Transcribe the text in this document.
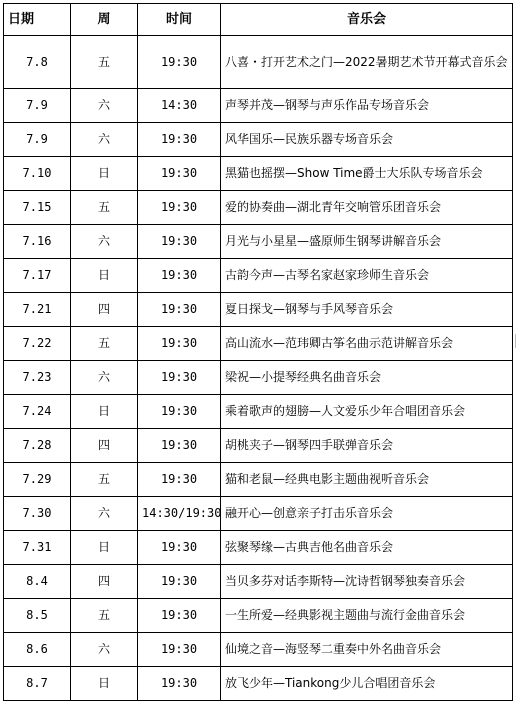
日期	周	时间	音乐会
7.8	五	19:30	八喜・打开艺术之门—2022暑期艺术节开幕式音乐会
7.9	六	14:30	声琴并茂—钢琴与声乐作品专场音乐会
7.9	六	19:30	风华国乐—民族乐器专场音乐会
7.10	日	19:30	黑猫也摇摆—Show Time爵士大乐队专场音乐会
7.15	五	19:30	爱的协奏曲—湖北青年交响管乐团音乐会
7.16	六	19:30	月光与小星星—盛原师生钢琴讲解音乐会
7.17	日	19:30	古韵今声—古琴名家赵家珍师生音乐会
7.21	四	19:30	夏日探戈—钢琴与手风琴音乐会
7.22	五	19:30	高山流水—范玮卿古筝名曲示范讲解音乐会
7.23	六	19:30	梁祝—小提琴经典名曲音乐会
7.24	日	19:30	乘着歌声的翅膀—人文爱乐少年合唱团音乐会
7.28	四	19:30	胡桃夹子—钢琴四手联弹音乐会
7.29	五	19:30	猫和老鼠—经典电影主题曲视听音乐会
7.30	六	14:30/19:30	融开心—创意亲子打击乐音乐会
7.31	日	19:30	弦聚琴缘—古典吉他名曲音乐会
8.4	四	19:30	当贝多芬对话李斯特—沈诗哲钢琴独奏音乐会
8.5	五	19:30	一生所爱—经典影视主题曲与流行金曲音乐会
8.6	六	19:30	仙境之音—海竖琴二重奏中外名曲音乐会
8.7	日	19:30	放飞少年—Tiankong少儿合唱团音乐会
